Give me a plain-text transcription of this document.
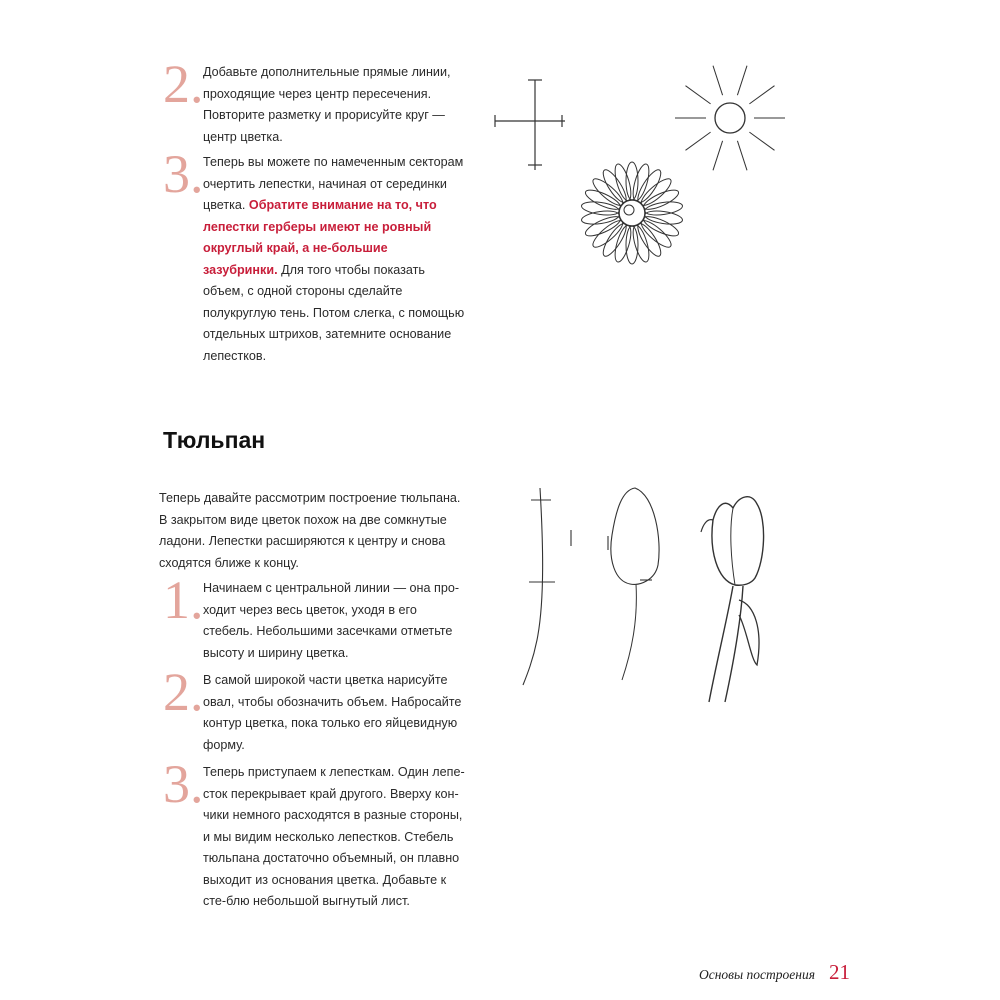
2. Добавьте дополнительные прямые линии,
проходящие через центр пересечения.
Повторите разметку и прорисуйте круг —
центр цветка.
3. Теперь вы можете по намеченным секторам очертить лепестки, начиная от серединки цветка. Обратите внимание на то, что лепестки герберы имеют не ровный округлый край, а не-большие зазубринки. Для того чтобы показать объем, с одной стороны сделайте полукруглую тень. Потом слегка, с помощью отдельных штрихов, затемните основание лепестков.
Тюльпан
Теперь давайте рассмотрим построение тюльпана. В закрытом виде цветок похож на две сомкнутые ладони. Лепестки расширяются к центру и снова сходятся ближе к концу.
1. Начинаем с центральной линии — она про-ходит через весь цветок, уходя в его стебель. Небольшими засечками отметьте высоту и ширину цветка.
2. В самой широкой части цветка нарисуйте овал, чтобы обозначить объем. Набросайте контур цветка, пока только его яйцевидную форму.
3. Теперь приступаем к лепесткам. Один лепе-сток перекрывает край другого. Вверху кон-чики немного расходятся в разные стороны, и мы видим несколько лепестков. Стебель тюльпана достаточно объемный, он плавно выходит из основания цветка. Добавьте к сте-блю небольшой выгнутый лист.
Основы построения 21
